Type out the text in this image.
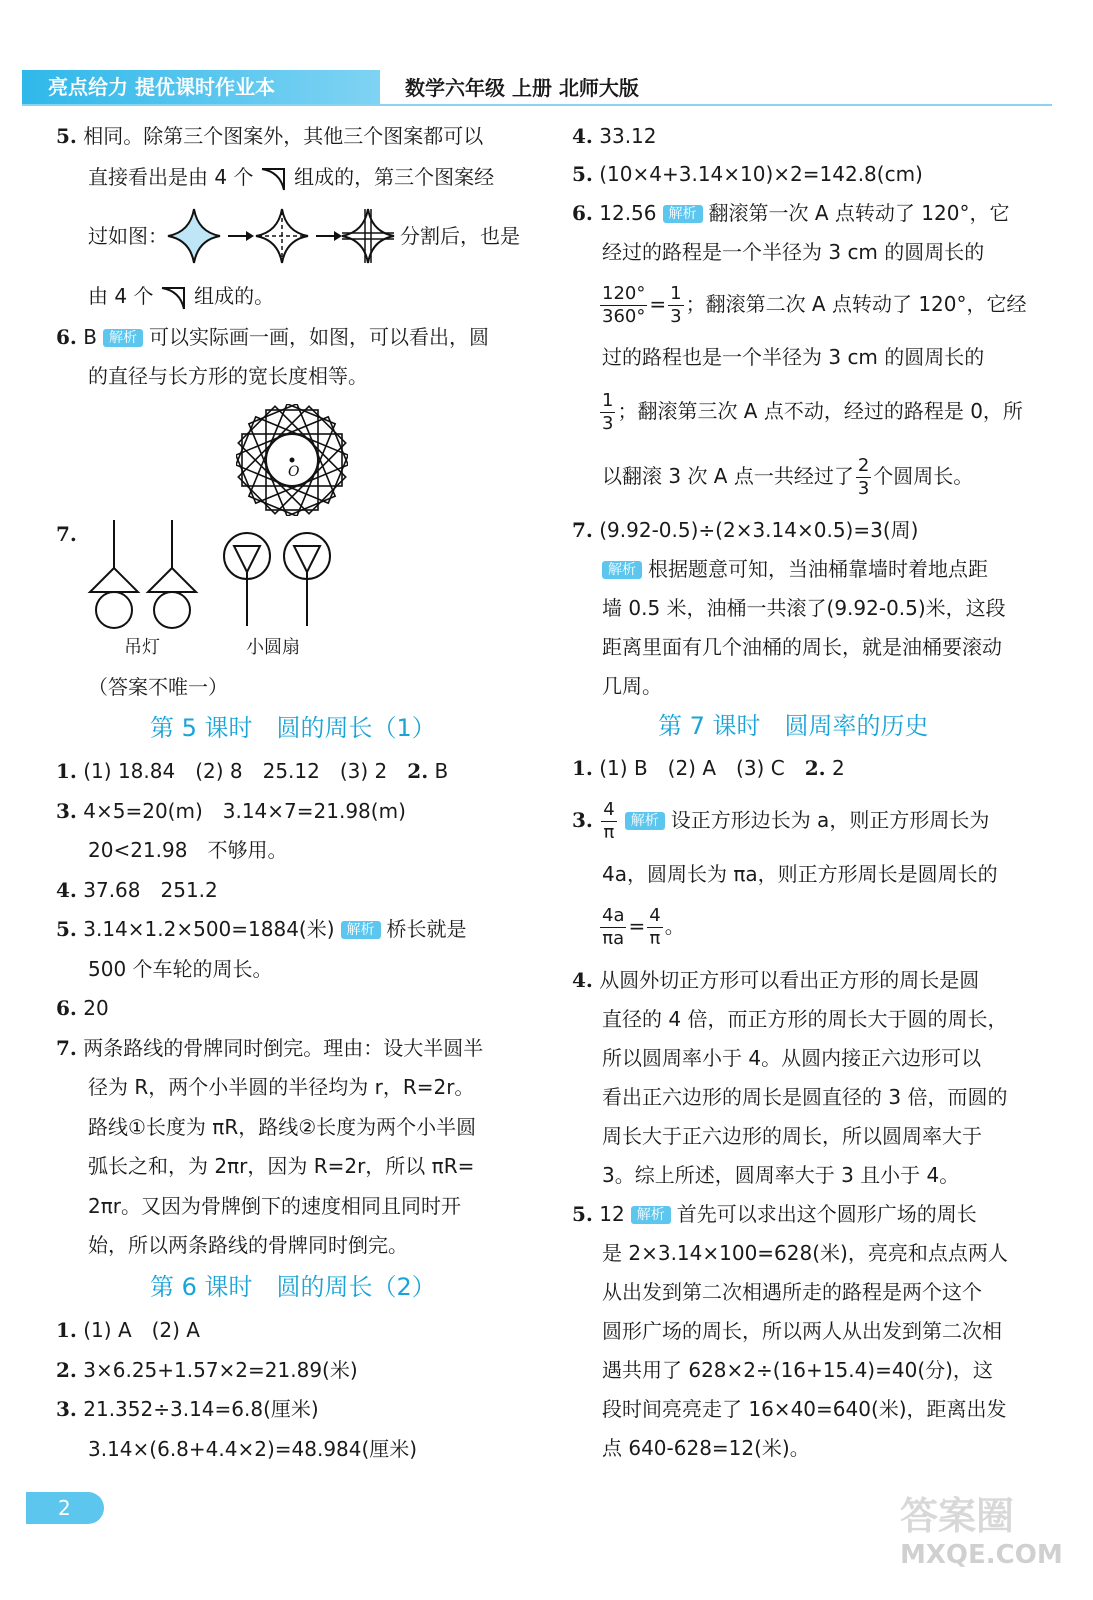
亮点给力 提优课时作业本	数学六年级 上册 北师大版
5. 相同。除第三个图案外，其他三个图案都可以
直接看出是由 4 个 组成的，第三个图案经
过如图：	分割后，也是
由 4 个 组成的。
6. B 解析 可以实际画一画，如图，可以看出，圆
的直径与长方形的宽长度相等。
O
7.
吊灯	小圆扇
（答案不唯一）
第 5 课时　圆的周长（1）
1. (1) 18.84　(2) 8　25.12　(3) 2　 2. B
3. 4×5=20(m)　3.14×7=21.98(m)
20<21.98　不够用。
4. 37.68　251.2
5. 3.14×1.2×500=1884(米) 解析 桥长就是
500 个车轮的周长。
6. 20
7. 两条路线的骨牌同时倒完。理由：设大半圆半
径为 R，两个小半圆的半径均为 r，R=2r。
路线①长度为 πR，路线②长度为两个小半圆
弧长之和，为 2πr，因为 R=2r，所以 πR=
2πr。又因为骨牌倒下的速度相同且同时开
始，所以两条路线的骨牌同时倒完。
第 6 课时　圆的周长（2）
1. (1) A　(2) A
2. 3×6.25+1.57×2=21.89(米)
3. 21.352÷3.14=6.8(厘米)
3.14×(6.8+4.4×2)=48.984(厘米)
4. 33.12
5. (10×4+3.14×10)×2=142.8(cm)
6. 12.56 解析 翻滚第一次 A 点转动了 120°，它
经过的路程是一个半径为 3 cm 的圆周长的
$\frac{120^\circ}{360^\circ} = \frac{1}{3}$ ；翻滚第二次 A 点转动了 120°，它经
过的路程也是一个半径为 3 cm 的圆周长的
$\frac{1}{3}$ ；翻滚第三次 A 点不动，经过的路程是 0，所
以翻滚 3 次 A 点一共经过了 $\frac{2}{3}$ 个圆周长。
7. (9.92-0.5)÷(2×3.14×0.5)=3(周)
解析 根据题意可知，当油桶靠墙时着地点距
墙 0.5 米，油桶一共滚了(9.92-0.5)米，这段
距离里面有几个油桶的周长，就是油桶要滚动
几周。
第 7 课时　圆周率的历史
1. (1) B　(2) A　(3) C　 2. 2
3. $\frac{4}{\pi}$ 解析 设正方形边长为 a，则正方形周长为
4a，圆周长为 πa，则正方形周长是圆周长的
$\frac{4a}{\pi a} = \frac{4}{\pi}$ 。
4. 从圆外切正方形可以看出正方形的周长是圆
直径的 4 倍，而正方形的周长大于圆的周长，
所以圆周率小于 4。从圆内接正六边形可以
看出正六边形的周长是圆直径的 3 倍，而圆的
周长大于正六边形的周长，所以圆周率大于
3。综上所述，圆周率大于 3 且小于 4。
5. 12 解析 首先可以求出这个圆形广场的周长
是 2×3.14×100=628(米)，亮亮和点点两人
从出发到第二次相遇所走的路程是两个这个
圆形广场的周长，所以两人从出发到第二次相
遇共用了 628×2÷(16+15.4)=40(分)，这
段时间亮亮走了 16×40=640(米)，距离出发
点 640-628=12(米)。
2	答案圈
MXQE.COM
